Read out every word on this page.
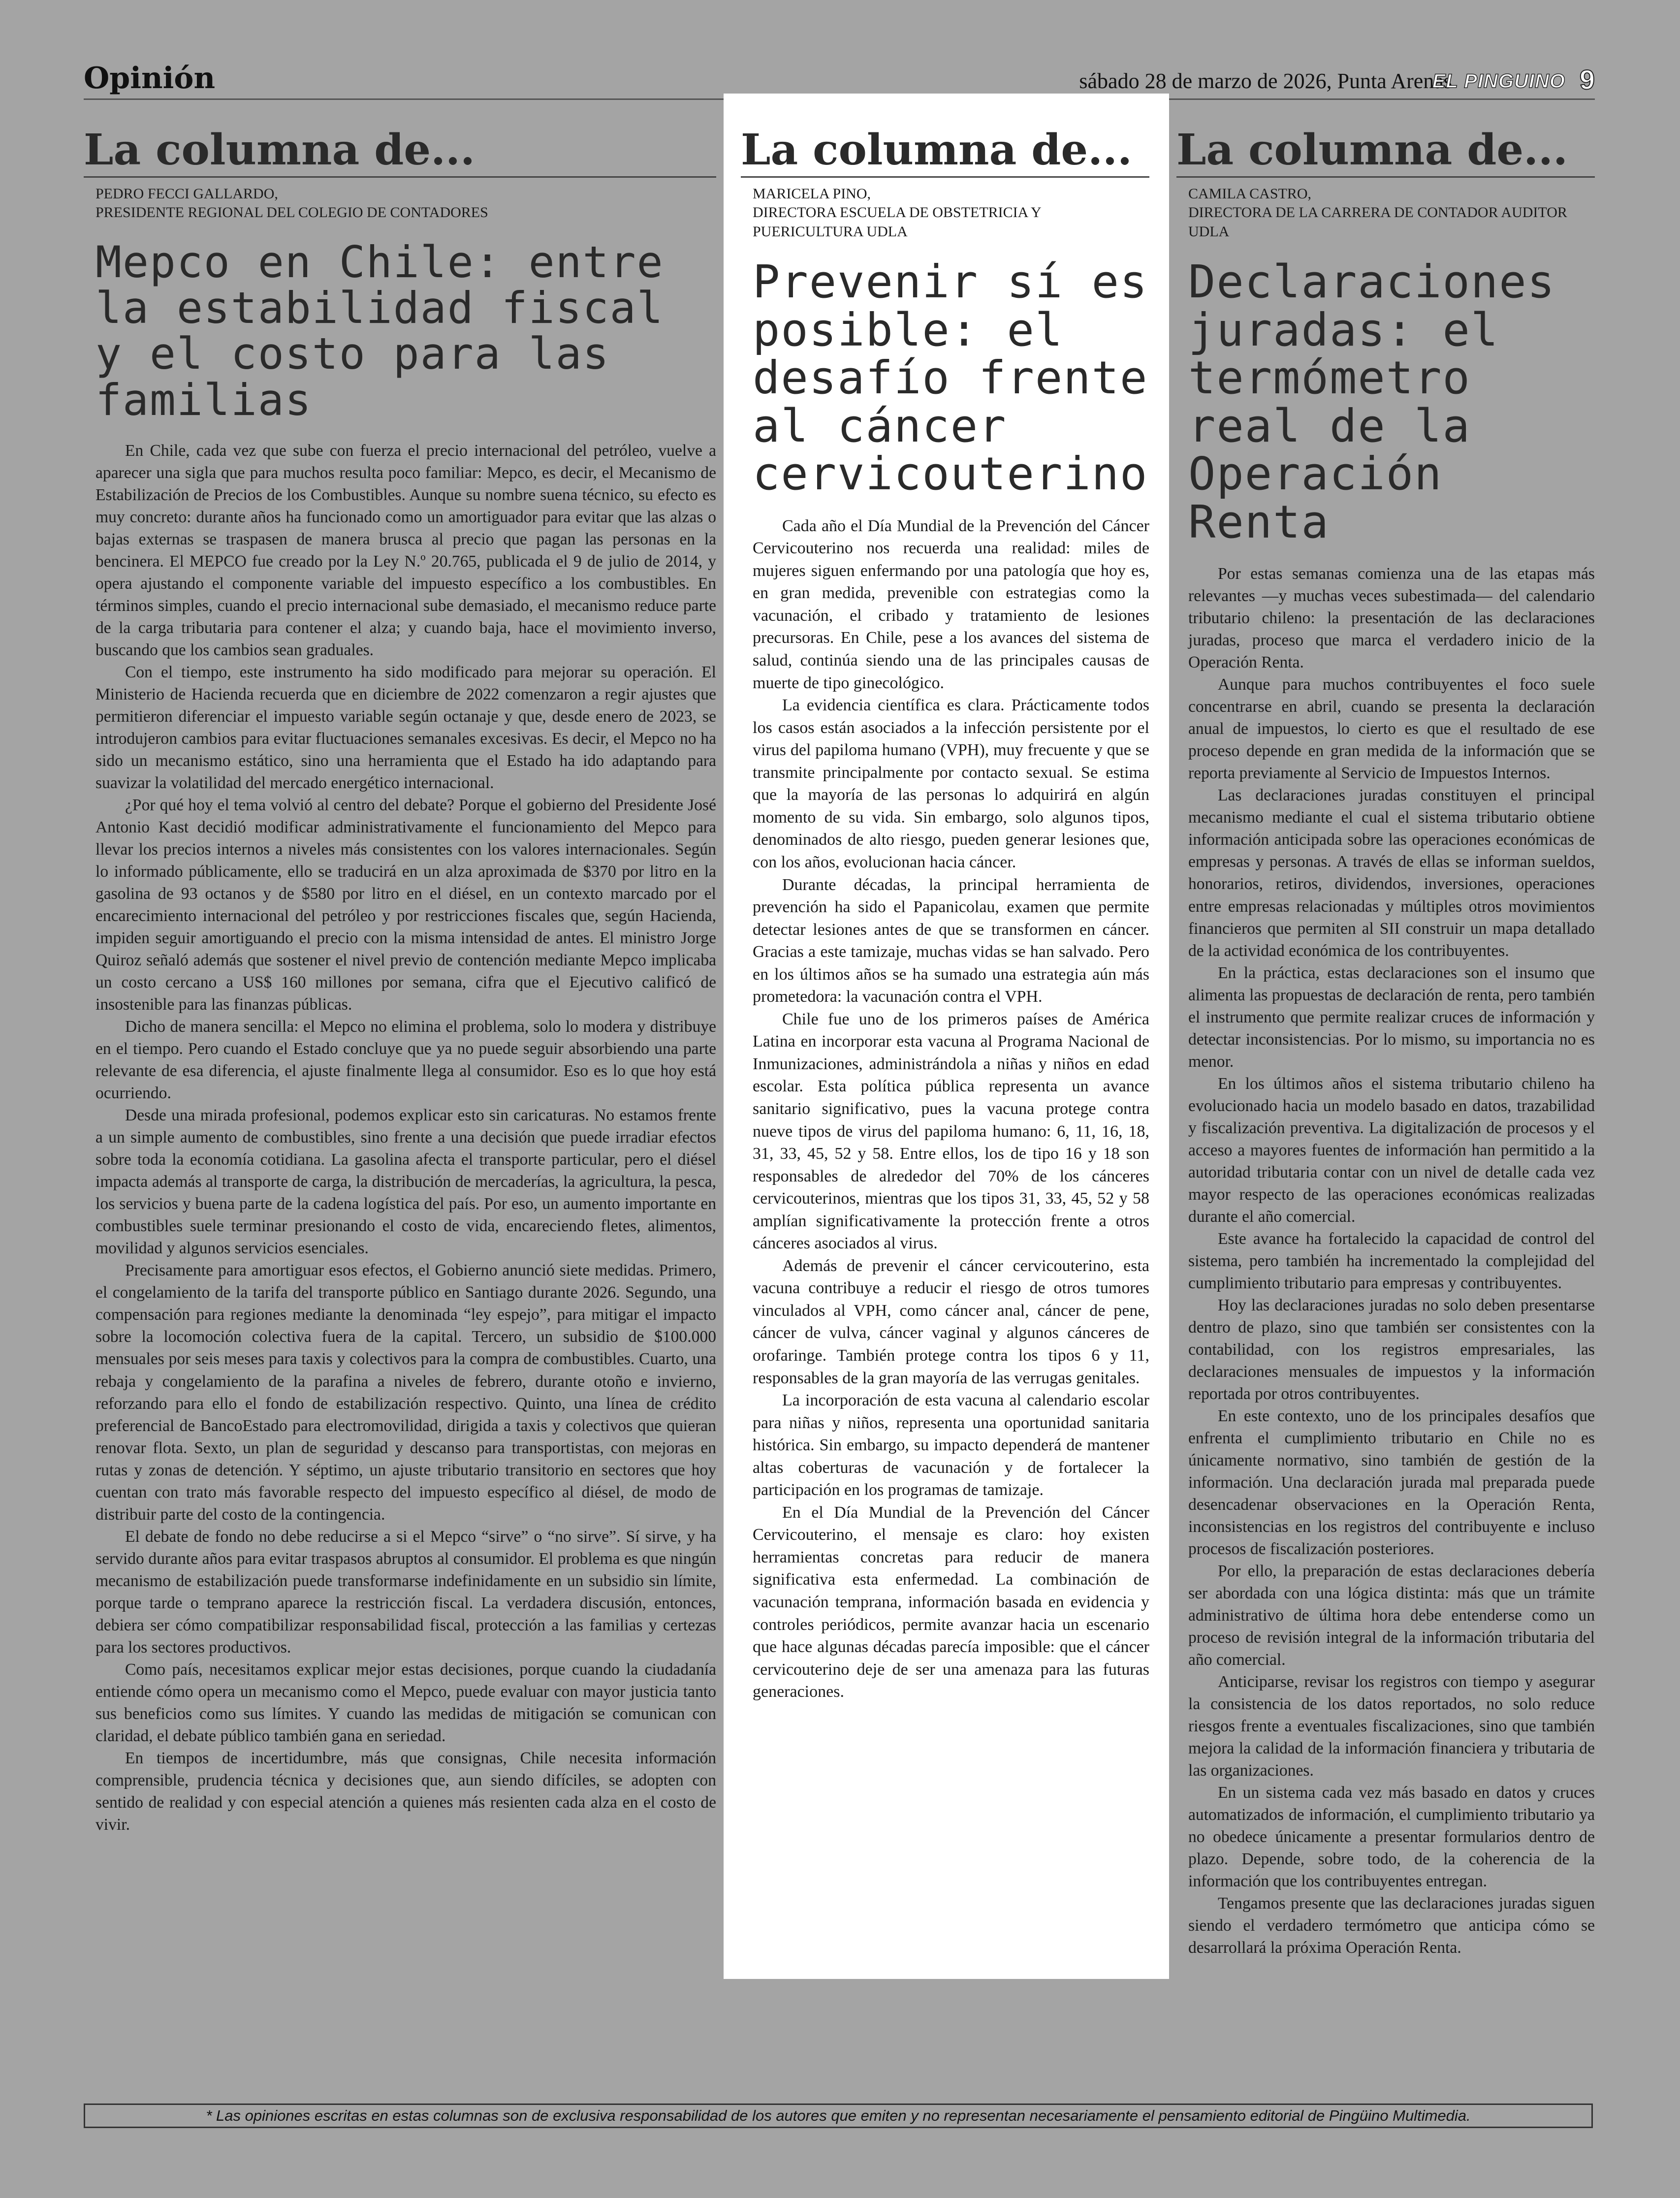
Opinión	sábado 28 de marzo de 2026, Punta Arenas
EL PINGUINO 9
La columna de...
PEDRO FECCI GALLARDO,
PRESIDENTE REGIONAL DEL COLEGIO DE CONTADORES
Mepco en Chile: entre la estabilidad fiscal y el costo para las familias

En Chile, cada vez que sube con fuerza el precio internacional del petróleo, vuelve a aparecer una sigla que para muchos resulta poco familiar: Mepco, es decir, el Mecanismo de Estabilización de Precios de los Combustibles. Aunque su nombre suena técnico, su efecto es muy concreto: durante años ha funcionado como un amortiguador para evitar que las alzas o bajas externas se traspasen de manera brusca al precio que pagan las personas en la bencinera. El MEPCO fue creado por la Ley N.º 20.765, publicada el 9 de julio de 2014, y opera ajustando el componente variable del impuesto específico a los combustibles. En términos simples, cuando el precio internacional sube demasiado, el mecanismo reduce parte de la carga tributaria para contener el alza; y cuando baja, hace el movimiento inverso, buscando que los cambios sean graduales.

Con el tiempo, este instrumento ha sido modificado para mejorar su operación. El Ministerio de Hacienda recuerda que en diciembre de 2022 comenzaron a regir ajustes que permitieron diferenciar el impuesto variable según octanaje y que, desde enero de 2023, se introdujeron cambios para evitar fluctuaciones semanales excesivas. Es decir, el Mepco no ha sido un mecanismo estático, sino una herramienta que el Estado ha ido adaptando para suavizar la volatilidad del mercado energético internacional.

¿Por qué hoy el tema volvió al centro del debate? Porque el gobierno del Presidente José Antonio Kast decidió modificar administrativamente el funcionamiento del Mepco para llevar los precios internos a niveles más consistentes con los valores internacionales. Según lo informado públicamente, ello se traducirá en un alza aproximada de $370 por litro en la gasolina de 93 octanos y de $580 por litro en el diésel, en un contexto marcado por el encarecimiento internacional del petróleo y por restricciones fiscales que, según Hacienda, impiden seguir amortiguando el precio con la misma intensidad de antes. El ministro Jorge Quiroz señaló además que sostener el nivel previo de contención mediante Mepco implicaba un costo cercano a US$ 160 millones por semana, cifra que el Ejecutivo calificó de insostenible para las finanzas públicas.

Dicho de manera sencilla: el Mepco no elimina el problema, solo lo modera y distribuye en el tiempo. Pero cuando el Estado concluye que ya no puede seguir absorbiendo una parte relevante de esa diferencia, el ajuste finalmente llega al consumidor. Eso es lo que hoy está ocurriendo.

Desde una mirada profesional, podemos explicar esto sin caricaturas. No estamos frente a un simple aumento de combustibles, sino frente a una decisión que puede irradiar efectos sobre toda la economía cotidiana. La gasolina afecta el transporte particular, pero el diésel impacta además al transporte de carga, la distribución de mercaderías, la agricultura, la pesca, los servicios y buena parte de la cadena logística del país. Por eso, un aumento importante en combustibles suele terminar presionando el costo de vida, encareciendo fletes, alimentos, movilidad y algunos servicios esenciales.

Precisamente para amortiguar esos efectos, el Gobierno anunció siete medidas. Primero, el congelamiento de la tarifa del transporte público en Santiago durante 2026. Segundo, una compensación para regiones mediante la denominada “ley espejo”, para mitigar el impacto sobre la locomoción colectiva fuera de la capital. Tercero, un subsidio de $100.000 mensuales por seis meses para taxis y colectivos para la compra de combustibles. Cuarto, una rebaja y congelamiento de la parafina a niveles de febrero, durante otoño e invierno, reforzando para ello el fondo de estabilización respectivo. Quinto, una línea de crédito preferencial de BancoEstado para electromovilidad, dirigida a taxis y colectivos que quieran renovar flota. Sexto, un plan de seguridad y descanso para transportistas, con mejoras en rutas y zonas de detención. Y séptimo, un ajuste tributario transitorio en sectores que hoy cuentan con trato más favorable respecto del impuesto específico al diésel, de modo de distribuir parte del costo de la contingencia.

El debate de fondo no debe reducirse a si el Mepco “sirve” o “no sirve”. Sí sirve, y ha servido durante años para evitar traspasos abruptos al consumidor. El problema es que ningún mecanismo de estabilización puede transformarse indefinidamente en un subsidio sin límite, porque tarde o temprano aparece la restricción fiscal. La verdadera discusión, entonces, debiera ser cómo compatibilizar responsabilidad fiscal, protección a las familias y certezas para los sectores productivos.

Como país, necesitamos explicar mejor estas decisiones, porque cuando la ciudadanía entiende cómo opera un mecanismo como el Mepco, puede evaluar con mayor justicia tanto sus beneficios como sus límites. Y cuando las medidas de mitigación se comunican con claridad, el debate público también gana en seriedad.

En tiempos de incertidumbre, más que consignas, Chile necesita información comprensible, prudencia técnica y decisiones que, aun siendo difíciles, se adopten con sentido de realidad y con especial atención a quienes más resienten cada alza en el costo de vivir.

La columna de...
MARICELA PINO,
DIRECTORA ESCUELA DE OBSTETRICIA Y PUERICULTURA UDLA
Prevenir sí es posible: el desafío frente al cáncer cervicouterino

Cada año el Día Mundial de la Prevención del Cáncer Cervicouterino nos recuerda una realidad: miles de mujeres siguen enfermando por una patología que hoy es, en gran medida, prevenible con estrategias como la vacunación, el cribado y tratamiento de lesiones precursoras. En Chile, pese a los avances del sistema de salud, continúa siendo una de las principales causas de muerte de tipo ginecológico.

La evidencia científica es clara. Prácticamente todos los casos están asociados a la infección persistente por el virus del papiloma humano (VPH), muy frecuente y que se transmite principalmente por contacto sexual. Se estima que la mayoría de las personas lo adquirirá en algún momento de su vida. Sin embargo, solo algunos tipos, denominados de alto riesgo, pueden generar lesiones que, con los años, evolucionan hacia cáncer.

Durante décadas, la principal herramienta de prevención ha sido el Papanicolau, examen que permite detectar lesiones antes de que se transformen en cáncer. Gracias a este tamizaje, muchas vidas se han salvado. Pero en los últimos años se ha sumado una estrategia aún más prometedora: la vacunación contra el VPH.

Chile fue uno de los primeros países de América Latina en incorporar esta vacuna al Programa Nacional de Inmunizaciones, administrándola a niñas y niños en edad escolar. Esta política pública representa un avance sanitario significativo, pues la vacuna protege contra nueve tipos de virus del papiloma humano: 6, 11, 16, 18, 31, 33, 45, 52 y 58. Entre ellos, los de tipo 16 y 18 son responsables de alrededor del 70% de los cánceres cervicouterinos, mientras que los tipos 31, 33, 45, 52 y 58 amplían significativamente la protección frente a otros cánceres asociados al virus.

Además de prevenir el cáncer cervicouterino, esta vacuna contribuye a reducir el riesgo de otros tumores vinculados al VPH, como cáncer anal, cáncer de pene, cáncer de vulva, cáncer vaginal y algunos cánceres de orofaringe. También protege contra los tipos 6 y 11, responsables de la gran mayoría de las verrugas genitales.

La incorporación de esta vacuna al calendario escolar para niñas y niños, representa una oportunidad sanitaria histórica. Sin embargo, su impacto dependerá de mantener altas coberturas de vacunación y de fortalecer la participación en los programas de tamizaje.

En el Día Mundial de la Prevención del Cáncer Cervicouterino, el mensaje es claro: hoy existen herramientas concretas para reducir de manera significativa esta enfermedad. La combinación de vacunación temprana, información basada en evidencia y controles periódicos, permite avanzar hacia un escenario que hace algunas décadas parecía imposible: que el cáncer cervicouterino deje de ser una amenaza para las futuras generaciones.

La columna de...
CAMILA CASTRO,
DIRECTORA DE LA CARRERA DE CONTADOR AUDITOR UDLA
Declaraciones juradas: el termómetro real de la Operación Renta

Por estas semanas comienza una de las etapas más relevantes —y muchas veces subestimada— del calendario tributario chileno: la presentación de las declaraciones juradas, proceso que marca el verdadero inicio de la Operación Renta.

Aunque para muchos contribuyentes el foco suele concentrarse en abril, cuando se presenta la declaración anual de impuestos, lo cierto es que el resultado de ese proceso depende en gran medida de la información que se reporta previamente al Servicio de Impuestos Internos.

Las declaraciones juradas constituyen el principal mecanismo mediante el cual el sistema tributario obtiene información anticipada sobre las operaciones económicas de empresas y personas. A través de ellas se informan sueldos, honorarios, retiros, dividendos, inversiones, operaciones entre empresas relacionadas y múltiples otros movimientos financieros que permiten al SII construir un mapa detallado de la actividad económica de los contribuyentes.

En la práctica, estas declaraciones son el insumo que alimenta las propuestas de declaración de renta, pero también el instrumento que permite realizar cruces de información y detectar inconsistencias. Por lo mismo, su importancia no es menor.

En los últimos años el sistema tributario chileno ha evolucionado hacia un modelo basado en datos, trazabilidad y fiscalización preventiva. La digitalización de procesos y el acceso a mayores fuentes de información han permitido a la autoridad tributaria contar con un nivel de detalle cada vez mayor respecto de las operaciones económicas realizadas durante el año comercial.

Este avance ha fortalecido la capacidad de control del sistema, pero también ha incrementado la complejidad del cumplimiento tributario para empresas y contribuyentes.

Hoy las declaraciones juradas no solo deben presentarse dentro de plazo, sino que también ser consistentes con la contabilidad, con los registros empresariales, las declaraciones mensuales de impuestos y la información reportada por otros contribuyentes.

En este contexto, uno de los principales desafíos que enfrenta el cumplimiento tributario en Chile no es únicamente normativo, sino también de gestión de la información. Una declaración jurada mal preparada puede desencadenar observaciones en la Operación Renta, inconsistencias en los registros del contribuyente e incluso procesos de fiscalización posteriores.

Por ello, la preparación de estas declaraciones debería ser abordada con una lógica distinta: más que un trámite administrativo de última hora debe entenderse como un proceso de revisión integral de la información tributaria del año comercial.

Anticiparse, revisar los registros con tiempo y asegurar la consistencia de los datos reportados, no solo reduce riesgos frente a eventuales fiscalizaciones, sino que también mejora la calidad de la información financiera y tributaria de las organizaciones.

En un sistema cada vez más basado en datos y cruces automatizados de información, el cumplimiento tributario ya no obedece únicamente a presentar formularios dentro de plazo. Depende, sobre todo, de la coherencia de la información que los contribuyentes entregan.

Tengamos presente que las declaraciones juradas siguen siendo el verdadero termómetro que anticipa cómo se desarrollará la próxima Operación Renta.

* Las opiniones escritas en estas columnas son de exclusiva responsabilidad de los autores que emiten y no representan necesariamente el pensamiento editorial de Pingüino Multimedia.
